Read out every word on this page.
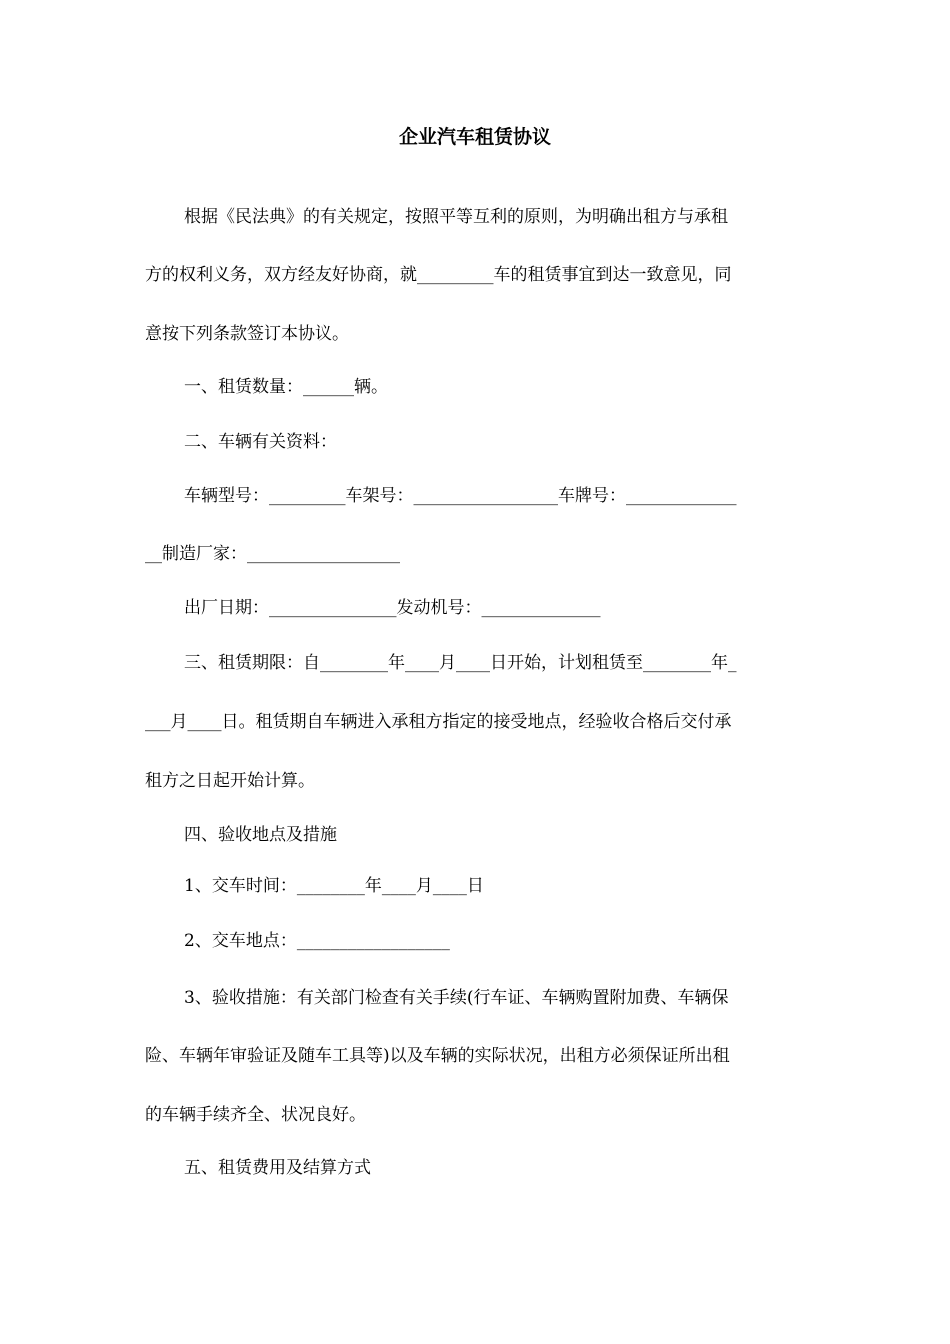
企业汽车租赁协议
根据《民法典》的有关规定，按照平等互利的原则，为明确出租方与承租
方的权利义务，双方经友好协商，就_________车的租赁事宜到达一致意见，同
意按下列条款签订本协议。
一、租赁数量：______辆。
二、车辆有关资料：
车辆型号：_________车架号：_________________车牌号：_____________
__制造厂家：__________________
出厂日期：_______________发动机号：______________
三、租赁期限：自________年____月____日开始，计划租赁至________年_
___月____日。租赁期自车辆进入承租方指定的接受地点，经验收合格后交付承
租方之日起开始计算。
四、验收地点及措施
1、交车时间：________年____月____日
2、交车地点：__________________
3、验收措施：有关部门检查有关手续(行车证、车辆购置附加费、车辆保
险、车辆年审验证及随车工具等)以及车辆的实际状况，出租方必须保证所出租
的车辆手续齐全、状况良好。
五、租赁费用及结算方式
